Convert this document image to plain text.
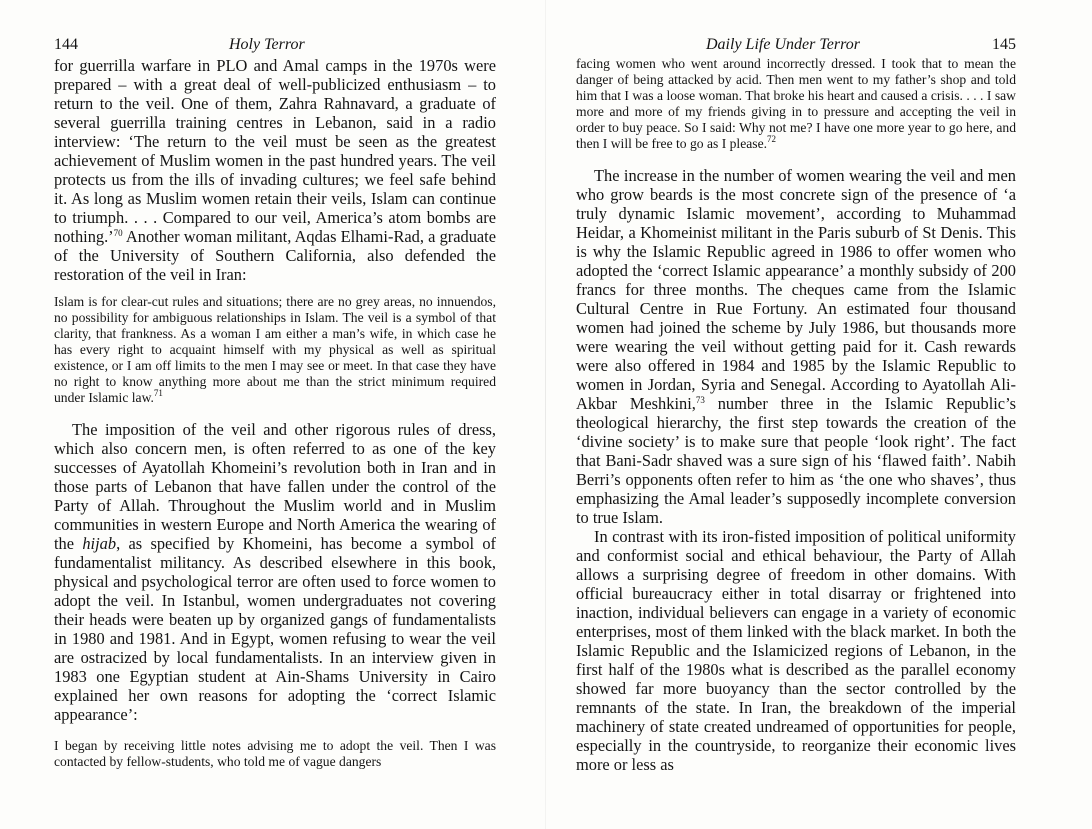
144	Holy Terror

for guerrilla warfare in PLO and Amal camps in the 1970s were prepared – with a great deal of well-publicized enthusiasm – to return to the veil. One of them, Zahra Rahnavard, a graduate of several guerrilla training centres in Lebanon, said in a radio interview: ‘The return to the veil must be seen as the greatest achievement of Muslim women in the past hundred years. The veil protects us from the ills of invading cultures; we feel safe behind it. As long as Muslim women retain their veils, Islam can continue to triumph. . . . Compared to our veil, America’s atom bombs are nothing.’$^{70}$ Another woman militant, Aqdas Elhami-Rad, a graduate of the University of Southern California, also defended the restoration of the veil in Iran:

Islam is for clear-cut rules and situations; there are no grey areas, no innuendos, no possibility for ambiguous relationships in Islam. The veil is a symbol of that clarity, that frankness. As a woman I am either a man’s wife, in which case he has every right to acquaint himself with my physical as well as spiritual existence, or I am off limits to the men I may see or meet. In that case they have no right to know anything more about me than the strict minimum required under Islamic law.$^{71}$

The imposition of the veil and other rigorous rules of dress, which also concern men, is often referred to as one of the key successes of Ayatollah Khomeini’s revolution both in Iran and in those parts of Lebanon that have fallen under the control of the Party of Allah. Throughout the Muslim world and in Muslim communities in western Europe and North America the wearing of the hijab, as specified by Khomeini, has become a symbol of fundamentalist militancy. As described elsewhere in this book, physical and psychological terror are often used to force women to adopt the veil. In Istanbul, women undergraduates not covering their heads were beaten up by organized gangs of fundamentalists in 1980 and 1981. And in Egypt, women refusing to wear the veil are ostracized by local fundamentalists. In an interview given in 1983 one Egyptian student at Ain-Shams University in Cairo explained her own reasons for adopting the ‘correct Islamic appearance’:

I began by receiving little notes advising me to adopt the veil. Then I was contacted by fellow-students, who told me of vague dangers

Daily Life Under Terror	145

facing women who went around incorrectly dressed. I took that to mean the danger of being attacked by acid. Then men went to my father’s shop and told him that I was a loose woman. That broke his heart and caused a crisis. . . . I saw more and more of my friends giving in to pressure and accepting the veil in order to buy peace. So I said: Why not me? I have one more year to go here, and then I will be free to go as I please.$^{72}$

The increase in the number of women wearing the veil and men who grow beards is the most concrete sign of the presence of ‘a truly dynamic Islamic movement’, according to Muhammad Heidar, a Khomeinist militant in the Paris suburb of St Denis. This is why the Islamic Republic agreed in 1986 to offer women who adopted the ‘correct Islamic appearance’ a monthly subsidy of 200 francs for three months. The cheques came from the Islamic Cultural Centre in Rue Fortuny. An estimated four thousand women had joined the scheme by July 1986, but thousands more were wearing the veil without getting paid for it. Cash rewards were also offered in 1984 and 1985 by the Islamic Republic to women in Jordan, Syria and Senegal. According to Ayatollah Ali-Akbar Meshkini,$^{73}$ number three in the Islamic Republic’s theological hierarchy, the first step towards the creation of the ‘divine society’ is to make sure that people ‘look right’. The fact that Bani-Sadr shaved was a sure sign of his ‘flawed faith’. Nabih Berri’s opponents often refer to him as ‘the one who shaves’, thus emphasizing the Amal leader’s supposedly incomplete conversion to true Islam.

In contrast with its iron-fisted imposition of political uniformity and conformist social and ethical behaviour, the Party of Allah allows a surprising degree of freedom in other domains. With official bureaucracy either in total disarray or frightened into inaction, individual believers can engage in a variety of economic enterprises, most of them linked with the black market. In both the Islamic Republic and the Islamicized regions of Lebanon, in the first half of the 1980s what is described as the parallel economy showed far more buoyancy than the sector controlled by the remnants of the state. In Iran, the breakdown of the imperial machinery of state created undreamed of opportunities for people, especially in the countryside, to reorganize their economic lives more or less as
